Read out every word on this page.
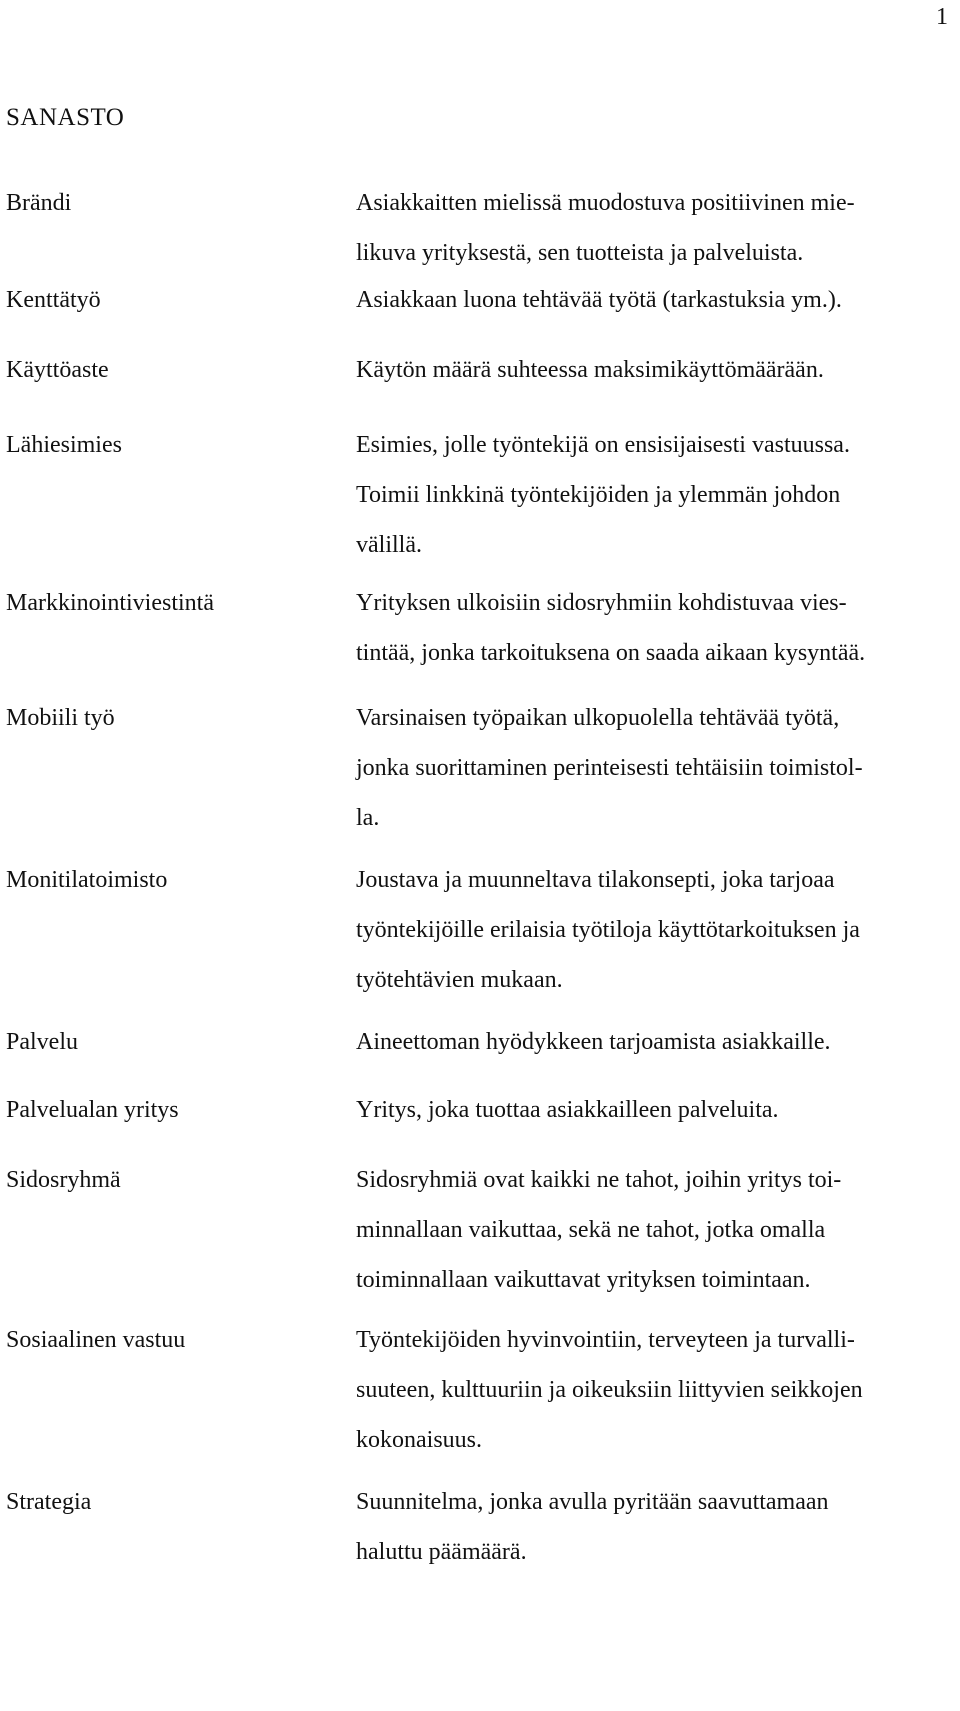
1
SANASTO
Brändi	Asiakkaitten mielissä muodostuva positiivinen mie-
likuva yrityksestä, sen tuotteista ja palveluista.
Kenttätyö	Asiakkaan luona tehtävää työtä (tarkastuksia ym.).
Käyttöaste	Käytön määrä suhteessa maksimikäyttömäärään.
Lähiesimies	Esimies, jolle työntekijä on ensisijaisesti vastuussa.
Toimii linkkinä työntekijöiden ja ylemmän johdon
välillä.
Markkinointiviestintä	Yrityksen ulkoisiin sidosryhmiin kohdistuvaa vies-
tintää, jonka tarkoituksena on saada aikaan kysyntää.
Mobiili työ	Varsinaisen työpaikan ulkopuolella tehtävää työtä,
jonka suorittaminen perinteisesti tehtäisiin toimistol-
la.
Monitilatoimisto	Joustava ja muunneltava tilakonsepti, joka tarjoaa
työntekijöille erilaisia työtiloja käyttötarkoituksen ja
työtehtävien mukaan.
Palvelu	Aineettoman hyödykkeen tarjoamista asiakkaille.
Palvelualan yritys	Yritys, joka tuottaa asiakkailleen palveluita.
Sidosryhmä	Sidosryhmiä ovat kaikki ne tahot, joihin yritys toi-
minnallaan vaikuttaa, sekä ne tahot, jotka omalla
toiminnallaan vaikuttavat yrityksen toimintaan.
Sosiaalinen vastuu	Työntekijöiden hyvinvointiin, terveyteen ja turvalli-
suuteen, kulttuuriin ja oikeuksiin liittyvien seikkojen
kokonaisuus.
Strategia	Suunnitelma, jonka avulla pyritään saavuttamaan
haluttu päämäärä.
